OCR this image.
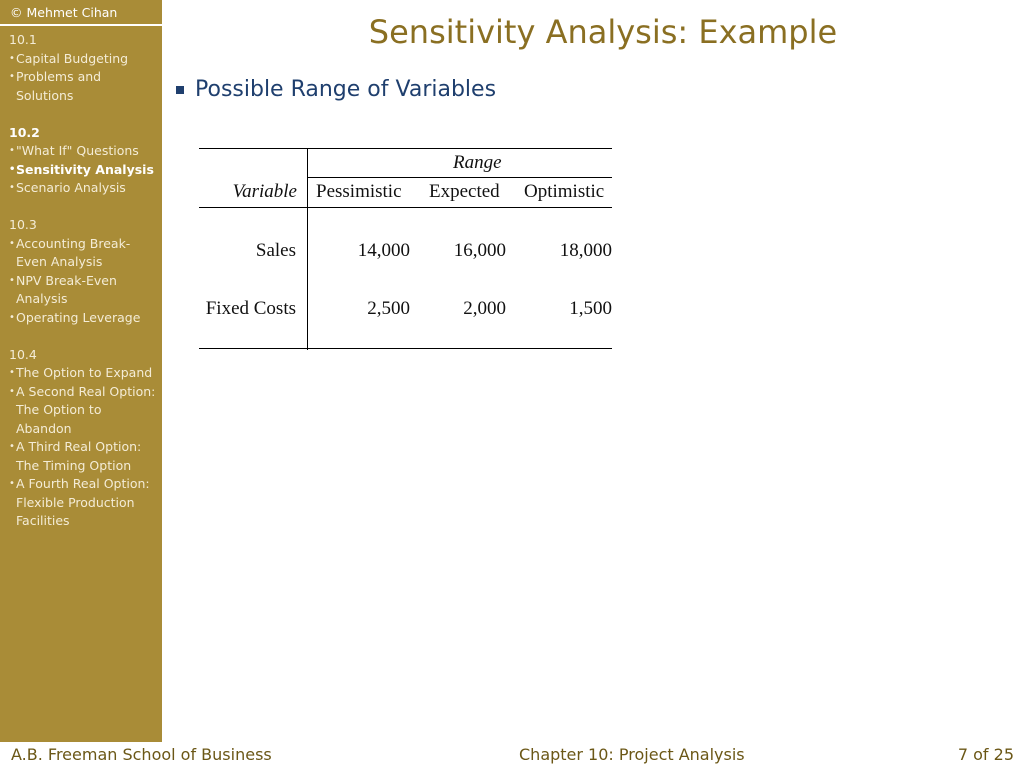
© Mehmet Cihan
10.1
• Capital Budgeting
• Problems and Solutions
10.2
• "What If" Questions
• Sensitivity Analysis
• Scenario Analysis
10.3
• Accounting Break-Even Analysis
• NPV Break-Even Analysis
• Operating Leverage
10.4
• The Option to Expand
• A Second Real Option: The Option to Abandon
• A Third Real Option: The Timing Option
• A Fourth Real Option: Flexible Production Facilities
Sensitivity Analysis: Example
Possible Range of Variables
Range
Variable Pessimistic Expected Optimistic
Sales	14,000	16,000	18,000
Fixed Costs	2,500	2,000	1,500
A.B. Freeman School of Business	Chapter 10: Project Analysis	7 of 25
